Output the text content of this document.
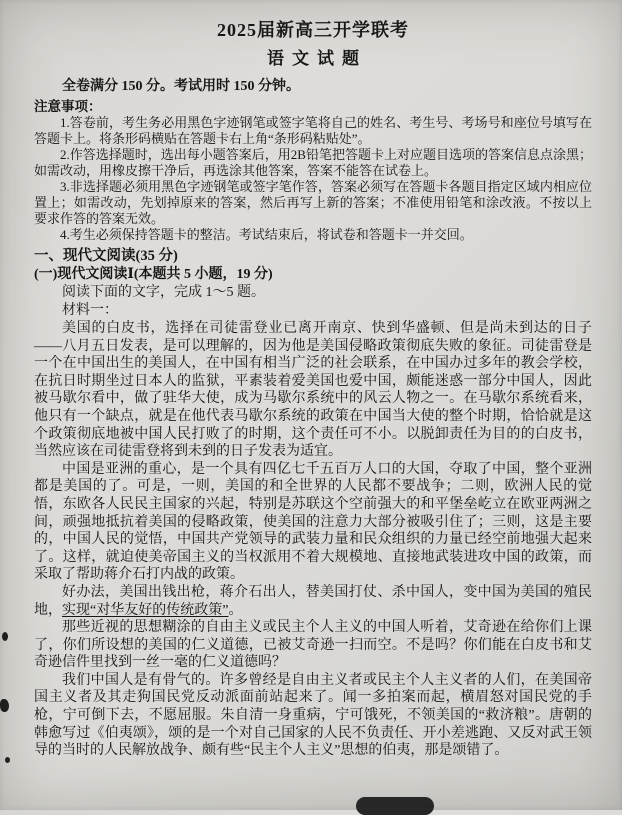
2025届新高三开学联考
语文试题

全卷满分 150 分。考试用时 150 分钟。

注意事项：

1.答卷前，考生务必用黑色字迹钢笔或签字笔将自己的姓名、考生号、考场号和座位号填写在答题卡上。将条形码横贴在答题卡右上角“条形码粘贴处”。

2.作答选择题时，选出每小题答案后，用2B铅笔把答题卡上对应题目选项的答案信息点涂黑；如需改动，用橡皮擦干净后，再选涂其他答案，答案不能答在试卷上。

3.非选择题必须用黑色字迹钢笔或签字笔作答，答案必须写在答题卡各题目指定区域内相应位置上；如需改动，先划掉原来的答案，然后再写上新的答案；不准使用铅笔和涂改液。不按以上要求作答的答案无效。

4.考生必须保持答题卡的整洁。考试结束后，将试卷和答题卡一并交回。

一、现代文阅读(35 分)

(一)现代文阅读Ⅰ(本题共 5 小题，19 分)

阅读下面的文字，完成 1～5 题。

材料一：

美国的白皮书，选择在司徒雷登业已离开南京、快到华盛顿、但是尚未到达的日子——八月五日发表，是可以理解的，因为他是美国侵略政策彻底失败的象征。司徒雷登是一个在中国出生的美国人，在中国有相当广泛的社会联系，在中国办过多年的教会学校，在抗日时期坐过日本人的监狱，平素装着爱美国也爱中国，颇能迷惑一部分中国人，因此被马歇尔看中，做了驻华大使，成为马歇尔系统中的风云人物之一。在马歇尔系统看来，他只有一个缺点，就是在他代表马歇尔系统的政策在中国当大使的整个时期，恰恰就是这个政策彻底地被中国人民打败了的时期，这个责任可不小。以脱卸责任为目的的白皮书，当然应该在司徒雷登将到未到的日子发表为适宜。

中国是亚洲的重心，是一个具有四亿七千五百万人口的大国，夺取了中国，整个亚洲都是美国的了。可是，一则，美国的和全世界的人民都不要战争；二则，欧洲人民的觉悟，东欧各人民民主国家的兴起，特别是苏联这个空前强大的和平堡垒屹立在欧亚两洲之间，顽强地抵抗着美国的侵略政策，使美国的注意力大部分被吸引住了；三则，这是主要的，中国人民的觉悟，中国共产党领导的武装力量和民众组织的力量已经空前地强大起来了。这样，就迫使美帝国主义的当权派用不着大规模地、直接地武装进攻中国的政策，而采取了帮助蒋介石打内战的政策。

好办法，美国出钱出枪，蒋介石出人，替美国打仗、杀中国人，变中国为美国的殖民地，实现“对华友好的传统政策”。

那些近视的思想糊涂的自由主义或民主个人主义的中国人听着，艾奇逊在给你们上课了，你们所设想的美国的仁义道德，已被艾奇逊一扫而空。不是吗？你们能在白皮书和艾奇逊信件里找到一丝一毫的仁义道德吗？

我们中国人是有骨气的。许多曾经是自由主义者或民主个人主义者的人们，在美国帝国主义者及其走狗国民党反动派面前站起来了。闻一多拍案而起，横眉怒对国民党的手枪，宁可倒下去，不愿屈服。朱自清一身重病，宁可饿死，不领美国的“救济粮”。唐朝的韩愈写过《伯夷颂》，颂的是一个对自己国家的人民不负责任、开小差逃跑、又反对武王领导的当时的人民解放战争、颇有些“民主个人主义”思想的伯夷，那是颂错了。
